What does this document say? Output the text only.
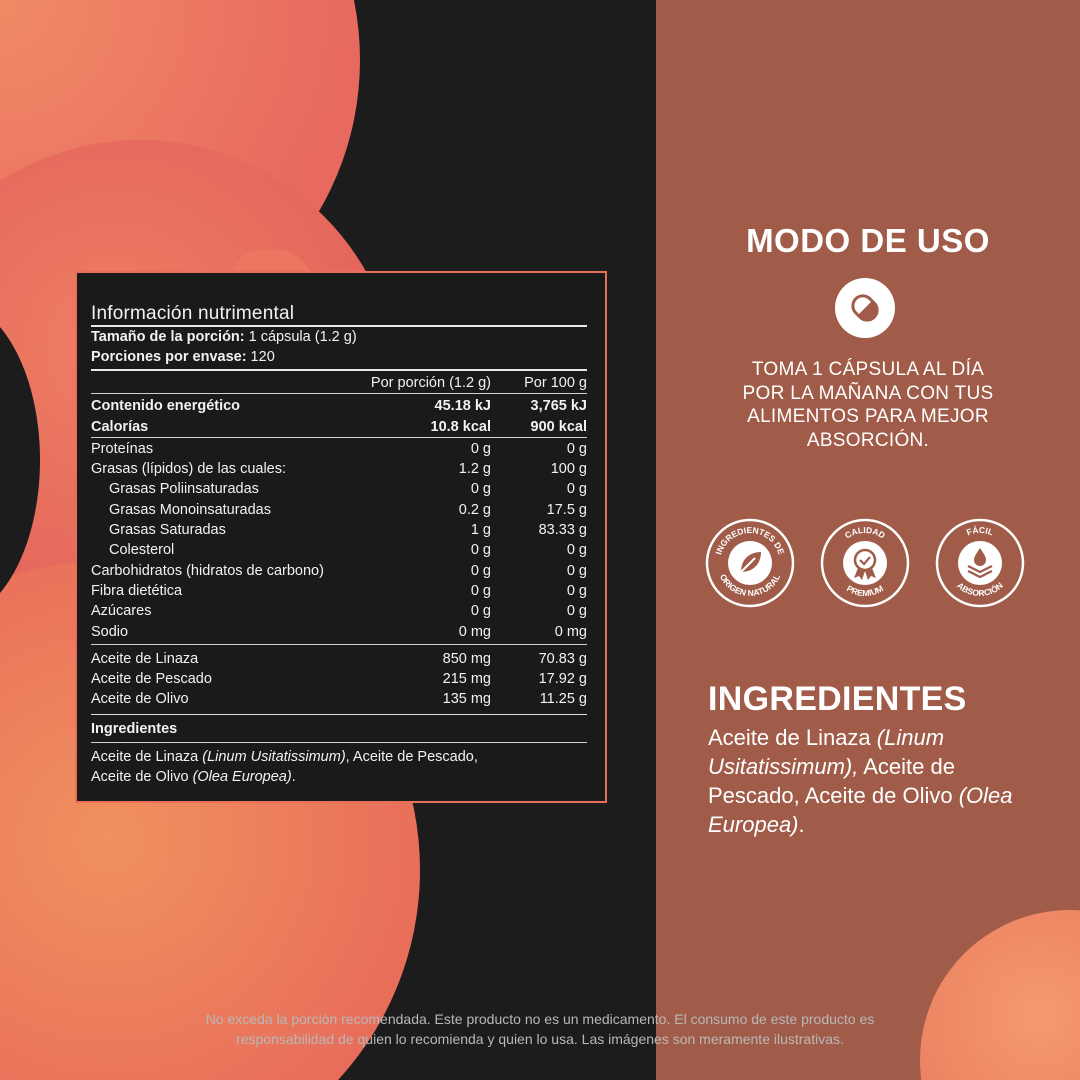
Información nutrimental
Tamaño de la porción: 1 cápsula (1.2 g)
Porciones por envase: 120
Por porción (1.2 g)	Por 100 g
Contenido energético	45.18 kJ	3,765 kJ
Calorías	10.8 kcal	900 kcal
Proteínas	0 g	0 g
Grasas (lípidos) de las cuales:	1.2 g	100 g
Grasas Poliinsaturadas	0 g	0 g
Grasas Monoinsaturadas	0.2 g	17.5 g
Grasas Saturadas	1 g	83.33 g
Colesterol	0 g	0 g
Carbohidratos (hidratos de carbono)	0 g	0 g
Fibra dietética	0 g	0 g
Azúcares	0 g	0 g
Sodio	0 mg	0 mg
Aceite de Linaza	850 mg	70.83 g
Aceite de Pescado	215 mg	17.92 g
Aceite de Olivo	135 mg	11.25 g
Ingredientes
Aceite de Linaza (Linum Usitatissimum), Aceite de Pescado,
Aceite de Olivo (Olea Europea).
MODO DE USO
TOMA 1 CÁPSULA AL DÍA
POR LA MAÑANA CON TUS
ALIMENTOS PARA MEJOR
ABSORCIÓN.
INGREDIENTES DE
ORIGEN NATURAL
CALIDAD
PREMIUM
FÁCIL
ABSORCIÓN
INGREDIENTES
Aceite de Linaza (Linum Usitatissimum), Aceite de Pescado, Aceite de Olivo (Olea Europea).
No exceda la porción recomendada. Este producto no es un medicamento. El consumo de este producto es
responsabilidad de quien lo recomienda y quien lo usa. Las imágenes son meramente ilustrativas.
